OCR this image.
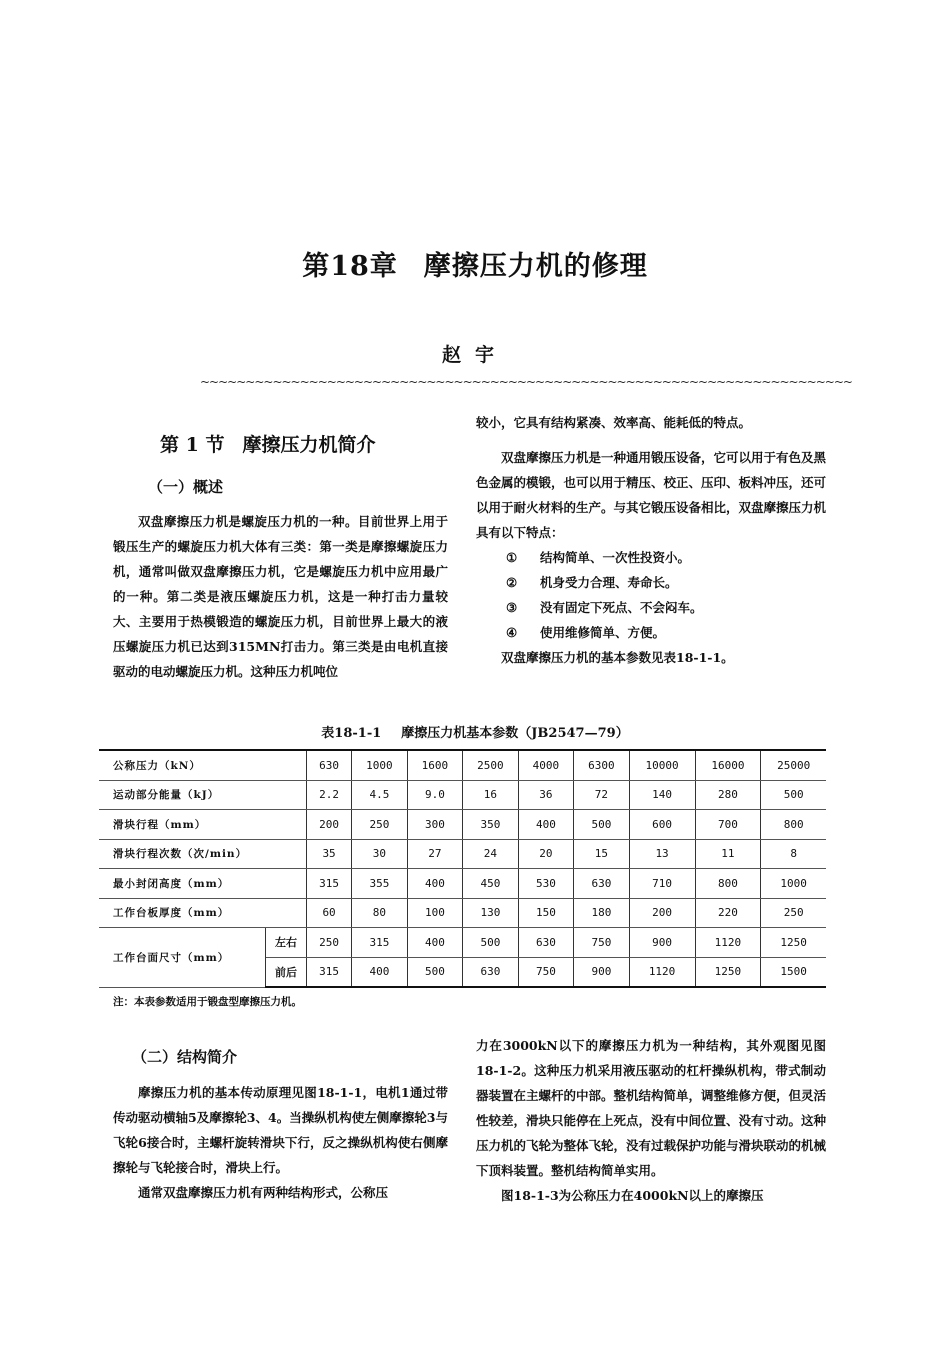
第18章 摩擦压力机的修理
赵宇
~~~~~~~~~~~~~~~~~~~~~~~~~~~~~~~~~~~~~~~~~~~~~~~~~~~~~~~~~~~~~~~~~~~~~~~~
第 1 节 摩擦压力机简介
（一）概述

双盘摩擦压力机是螺旋压力机的一种。目前世界上用于锻压生产的螺旋压力机大体有三类：第一类是摩擦螺旋压力机，通常叫做双盘摩擦压力机，它是螺旋压力机中应用最广的一种。第二类是液压螺旋压力机，这是一种打击力量较大、主要用于热模锻造的螺旋压力机，目前世界上最大的液压螺旋压力机已达到315MN打击力。第三类是由电机直接驱动的电动螺旋压力机。这种压力机吨位

较小，它具有结构紧凑、效率高、能耗低的特点。

双盘摩擦压力机是一种通用锻压设备，它可以用于有色及黑色金属的模锻，也可以用于精压、校正、压印、板料冲压，还可以用于耐火材料的生产。与其它锻压设备相比，双盘摩擦压力机具有以下特点：

①	结构简单、一次性投资小。
②	机身受力合理、寿命长。
③	没有固定下死点、不会闷车。
④	使用维修简单、方便。

双盘摩擦压力机的基本参数见表18-1-1。

表18-1-1 摩擦压力机基本参数（JB2547—79）
公称压力（kN）		630	1000	1600	2500	4000	6300	10000	16000	25000
运动部分能量（kJ）		2.2	4.5	9.0	16	36	72	140	280	500
滑块行程（mm）		200	250	300	350	400	500	600	700	800
滑块行程次数（次/min）		35	30	27	24	20	15	13	11	8
最小封闭高度（mm）		315	355	400	450	530	630	710	800	1000
工作台板厚度（mm）		60	80	100	130	150	180	200	220	250
工作台面尺寸（mm）	左右	250	315	400	500	630	750	900	1120	1250
	前后	315	400	500	630	750	900	1120	1250	1500
注：本表参数适用于锻盘型摩擦压力机。
（二）结构简介

摩擦压力机的基本传动原理见图18-1-1，电机1通过带传动驱动横轴5及摩擦轮3、4。当操纵机构使左侧摩擦轮3与飞轮6接合时，主螺杆旋转滑块下行，反之操纵机构使右侧摩擦轮与飞轮接合时，滑块上行。

通常双盘摩擦压力机有两种结构形式，公称压

力在3000kN以下的摩擦压力机为一种结构，其外观图见图18-1-2。这种压力机采用液压驱动的杠杆操纵机构，带式制动器装置在主螺杆的中部。整机结构简单，调整维修方便，但灵活性较差，滑块只能停在上死点，没有中间位置、没有寸动。这种压力机的飞轮为整体飞轮，没有过载保护功能与滑块联动的机械下顶料装置。整机结构简单实用。

图18-1-3为公称压力在4000kN以上的摩擦压
